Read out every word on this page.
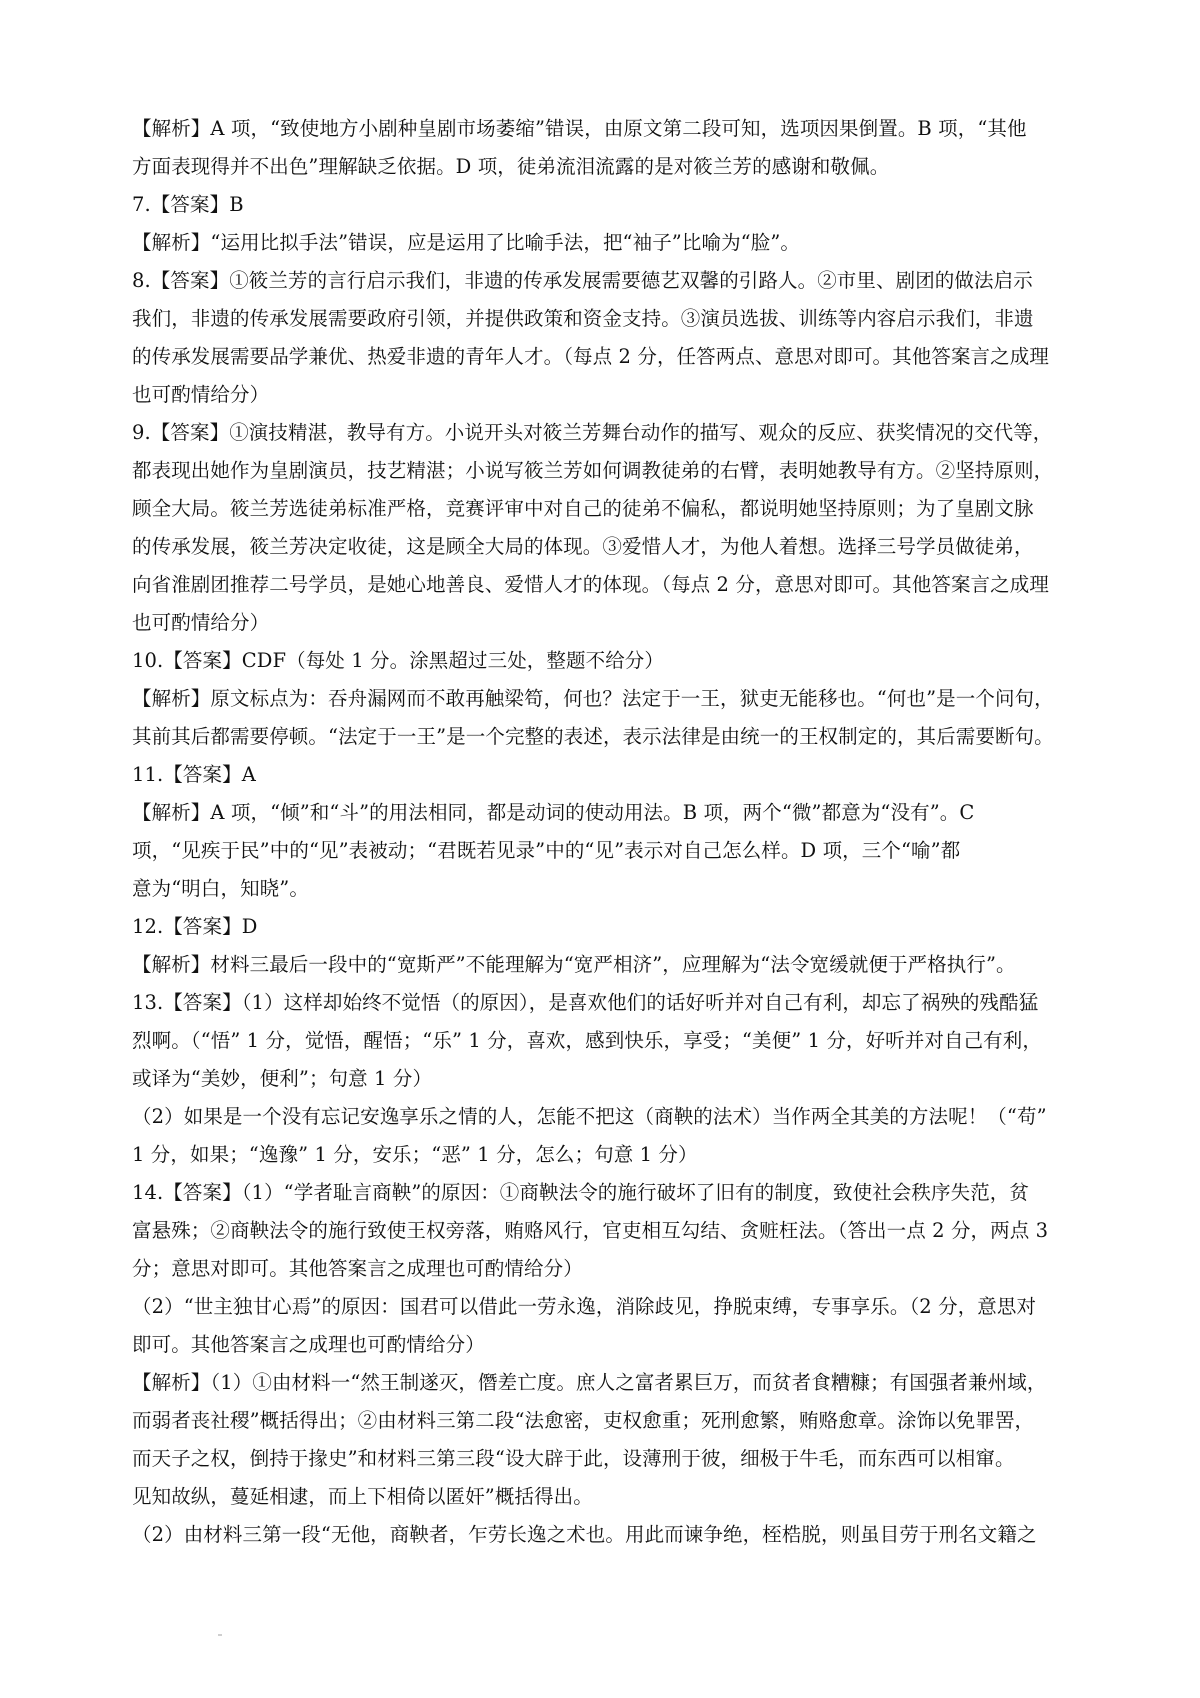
【解析】A 项，“致使地方小剧种皇剧市场萎缩”错误，由原文第二段可知，选项因果倒置。B 项，“其他
方面表现得并不出色”理解缺乏依据。D 项，徒弟流泪流露的是对筱兰芳的感谢和敬佩。
7.【答案】B
【解析】“运用比拟手法”错误，应是运用了比喻手法，把“袖子”比喻为“脸”。
8.【答案】①筱兰芳的言行启示我们，非遗的传承发展需要德艺双馨的引路人。②市里、剧团的做法启示
我们，非遗的传承发展需要政府引领，并提供政策和资金支持。③演员选拔、训练等内容启示我们，非遗
的传承发展需要品学兼优、热爱非遗的青年人才。（每点 2 分，任答两点、意思对即可。其他答案言之成理
也可酌情给分）
9.【答案】①演技精湛，教导有方。小说开头对筱兰芳舞台动作的描写、观众的反应、获奖情况的交代等，
都表现出她作为皇剧演员，技艺精湛；小说写筱兰芳如何调教徒弟的右臂，表明她教导有方。②坚持原则，
顾全大局。筱兰芳选徒弟标准严格，竞赛评审中对自己的徒弟不偏私，都说明她坚持原则；为了皇剧文脉
的传承发展，筱兰芳决定收徒，这是顾全大局的体现。③爱惜人才，为他人着想。选择三号学员做徒弟，
向省淮剧团推荐二号学员，是她心地善良、爱惜人才的体现。（每点 2 分，意思对即可。其他答案言之成理
也可酌情给分）
10.【答案】CDF（每处 1 分。涂黑超过三处，整题不给分）
【解析】原文标点为：吞舟漏网而不敢再触梁笱，何也？法定于一王，狱吏无能移也。“何也”是一个问句，
其前其后都需要停顿。“法定于一王”是一个完整的表述，表示法律是由统一的王权制定的，其后需要断句。
11.【答案】A
【解析】A 项，“倾”和“斗”的用法相同，都是动词的使动用法。B 项，两个“微”都意为“没有”。C
项，“见疾于民”中的“见”表被动；“君既若见录”中的“见”表示对自己怎么样。D 项，三个“喻”都
意为“明白，知晓”。
12.【答案】D
【解析】材料三最后一段中的“宽斯严”不能理解为“宽严相济”，应理解为“法令宽缓就便于严格执行”。
13.【答案】（1）这样却始终不觉悟（的原因），是喜欢他们的话好听并对自己有利，却忘了祸殃的残酷猛
烈啊。（“悟” 1 分，觉悟，醒悟；“乐” 1 分，喜欢，感到快乐，享受；“美便” 1 分，好听并对自己有利，
或译为“美妙，便利”；句意 1 分）
（2）如果是一个没有忘记安逸享乐之情的人，怎能不把这（商鞅的法术）当作两全其美的方法呢！（“苟”
1 分，如果；“逸豫” 1 分，安乐；“恶” 1 分，怎么；句意 1 分）
14.【答案】（1）“学者耻言商鞅”的原因：①商鞅法令的施行破坏了旧有的制度，致使社会秩序失范，贫
富悬殊；②商鞅法令的施行致使王权旁落，贿赂风行，官吏相互勾结、贪赃枉法。（答出一点 2 分，两点 3
分；意思对即可。其他答案言之成理也可酌情给分）
（2）“世主独甘心焉”的原因：国君可以借此一劳永逸，消除歧见，挣脱束缚，专事享乐。（2 分，意思对
即可。其他答案言之成理也可酌情给分）
【解析】（1）①由材料一“然王制遂灭，僭差亡度。庶人之富者累巨万，而贫者食糟糠；有国强者兼州域，
而弱者丧社稷”概括得出；②由材料三第二段“法愈密，吏权愈重；死刑愈繁，贿赂愈章。涂饰以免罪罟，
而天子之权，倒持于掾史”和材料三第三段“设大辟于此，设薄刑于彼，细极于牛毛，而东西可以相窜。
见知故纵，蔓延相逮，而上下相倚以匿奸”概括得出。
（2）由材料三第一段“无他，商鞅者，乍劳长逸之术也。用此而谏争绝，桎梏脱，则虽目劳于刑名文籍之
